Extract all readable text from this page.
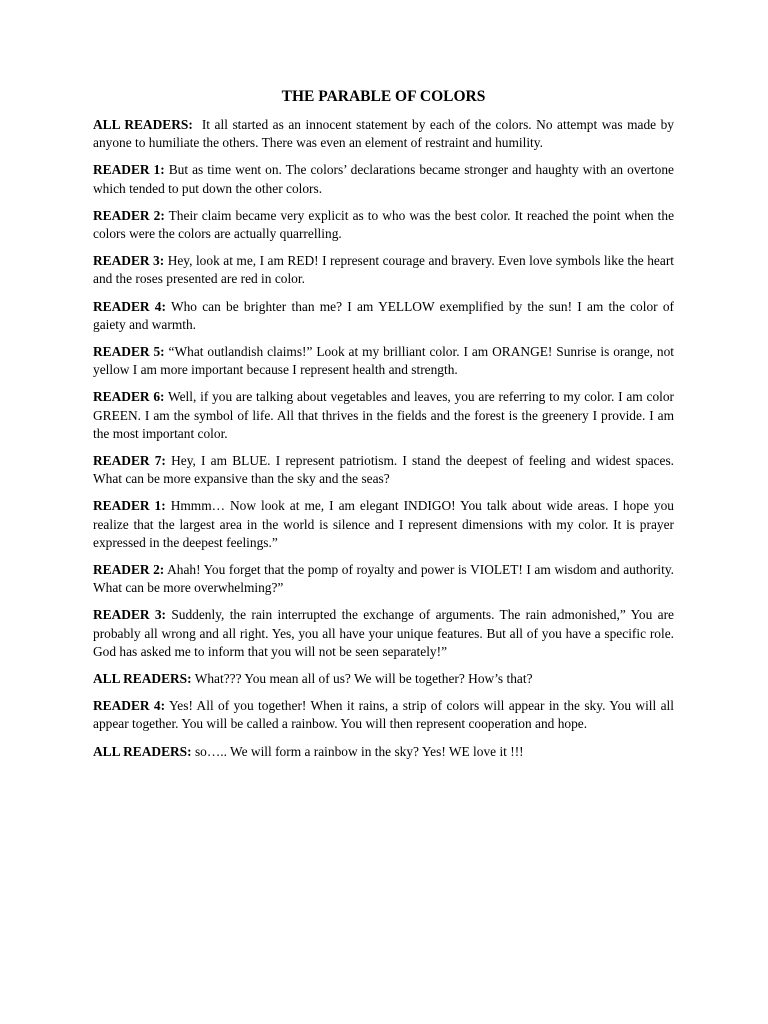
THE PARABLE OF COLORS

ALL READERS: It all started as an innocent statement by each of the colors. No attempt was made by anyone to humiliate the others. There was even an element of restraint and humility.

READER 1: But as time went on. The colors’ declarations became stronger and haughty with an overtone which tended to put down the other colors.

READER 2: Their claim became very explicit as to who was the best color. It reached the point when the colors were the colors are actually quarrelling.

READER 3: Hey, look at me, I am RED! I represent courage and bravery. Even love symbols like the heart and the roses presented are red in color.

READER 4: Who can be brighter than me? I am YELLOW exemplified by the sun! I am the color of gaiety and warmth.

READER 5: “What outlandish claims!” Look at my brilliant color. I am ORANGE! Sunrise is orange, not yellow I am more important because I represent health and strength.

READER 6: Well, if you are talking about vegetables and leaves, you are referring to my color. I am color GREEN. I am the symbol of life. All that thrives in the fields and the forest is the greenery I provide. I am the most important color.

READER 7: Hey, I am BLUE. I represent patriotism. I stand the deepest of feeling and widest spaces. What can be more expansive than the sky and the seas?

READER 1: Hmmm… Now look at me, I am elegant INDIGO! You talk about wide areas. I hope you realize that the largest area in the world is silence and I represent dimensions with my color. It is prayer expressed in the deepest feelings.”

READER 2: Ahah! You forget that the pomp of royalty and power is VIOLET! I am wisdom and authority. What can be more overwhelming?”

READER 3: Suddenly, the rain interrupted the exchange of arguments. The rain admonished,” You are probably all wrong and all right. Yes, you all have your unique features. But all of you have a specific role. God has asked me to inform that you will not be seen separately!”

ALL READERS: What??? You mean all of us? We will be together? How’s that?

READER 4: Yes! All of you together! When it rains, a strip of colors will appear in the sky. You will all appear together. You will be called a rainbow. You will then represent cooperation and hope.

ALL READERS: so….. We will form a rainbow in the sky? Yes! WE love it !!!
